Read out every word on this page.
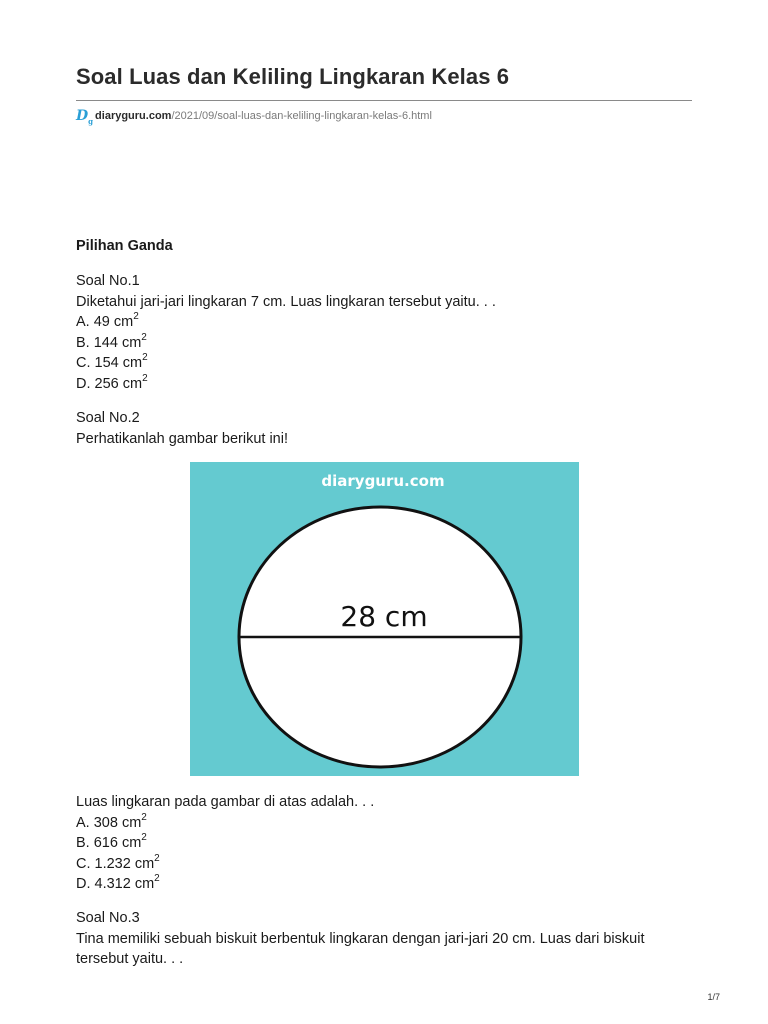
Soal Luas dan Keliling Lingkaran Kelas 6
$D_g$ diaryguru.com /2021/09/soal-luas-dan-keliling-lingkaran-kelas-6.html
Pilihan Ganda

Soal No.1

Diketahui jari-jari lingkaran 7 cm. Luas lingkaran tersebut yaitu. . .

A. 49 $cm^2$

B. 144 $cm^2$

C. 154 $cm^2$

D. 256 $cm^2$

Soal No.2

Perhatikanlah gambar berikut ini!

diaryguru.com
28 cm

Luas lingkaran pada gambar di atas adalah. . .

A. 308 $cm^2$

B. 616 $cm^2$

C. 1.232 $cm^2$

D. 4.312 $cm^2$

Soal No.3

Tina memiliki sebuah biskuit berbentuk lingkaran dengan jari-jari 20 cm. Luas dari biskuit tersebut yaitu. . .

1/7
